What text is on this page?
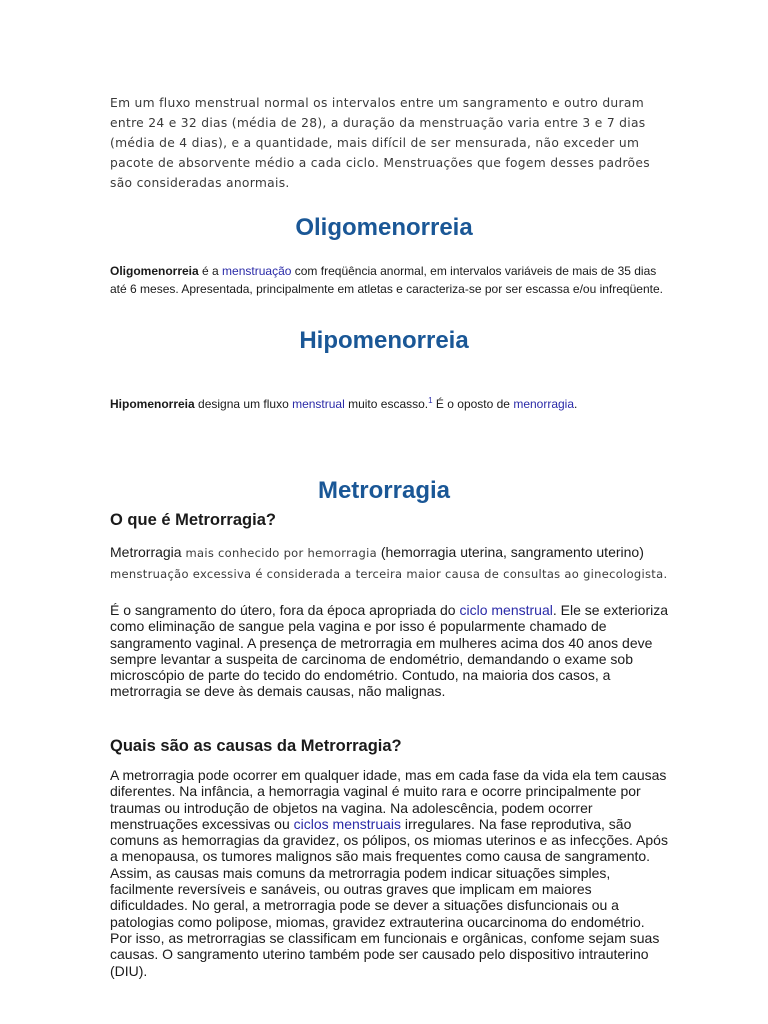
Em um fluxo menstrual normal os intervalos entre um sangramento e outro duram entre 24 e 32 dias (média de 28), a duração da menstruação varia entre 3 e 7 dias (média de 4 dias), e a quantidade, mais difícil de ser mensurada, não exceder um pacote de absorvente médio a cada ciclo. Menstruações que fogem desses padrões são consideradas anormais.

Oligomenorreia

Oligomenorreia é a menstruação com freqüência anormal, em intervalos variáveis de mais de 35 dias até 6 meses. Apresentada, principalmente em atletas e caracteriza-se por ser escassa e/ou infreqüente.

Hipomenorreia

Hipomenorreia designa um fluxo menstrual muito escasso.$^1$ É o oposto de menorragia.

Metrorragia
O que é Metrorragia?

Metrorragia mais conhecido por hemorragia (hemorragia uterina, sangramento uterino) menstruação excessiva é considerada a terceira maior causa de consultas ao ginecologista.

É o sangramento do útero, fora da época apropriada do ciclo menstrual. Ele se exterioriza como eliminação de sangue pela vagina e por isso é popularmente chamado de sangramento vaginal. A presença de metrorragia em mulheres acima dos 40 anos deve sempre levantar a suspeita de carcinoma de endométrio, demandando o exame sob microscópio de parte do tecido do endométrio. Contudo, na maioria dos casos, a metrorragia se deve às demais causas, não malignas.

Quais são as causas da Metrorragia?

A metrorragia pode ocorrer em qualquer idade, mas em cada fase da vida ela tem causas diferentes. Na infância, a hemorragia vaginal é muito rara e ocorre principalmente por traumas ou introdução de objetos na vagina. Na adolescência, podem ocorrer menstruações excessivas ou ciclos menstruais irregulares. Na fase reprodutiva, são comuns as hemorragias da gravidez, os pólipos, os miomas uterinos e as infecções. Após a menopausa, os tumores malignos são mais frequentes como causa de sangramento. Assim, as causas mais comuns da metrorragia podem indicar situações simples, facilmente reversíveis e sanáveis, ou outras graves que implicam em maiores dificuldades. No geral, a metrorragia pode se dever a situações disfuncionais ou a patologias como polipose, miomas, gravidez extrauterina oucarcinoma do endométrio. Por isso, as metrorragias se classificam em funcionais e orgânicas, confome sejam suas causas. O sangramento uterino também pode ser causado pelo dispositivo intrauterino (DIU).
